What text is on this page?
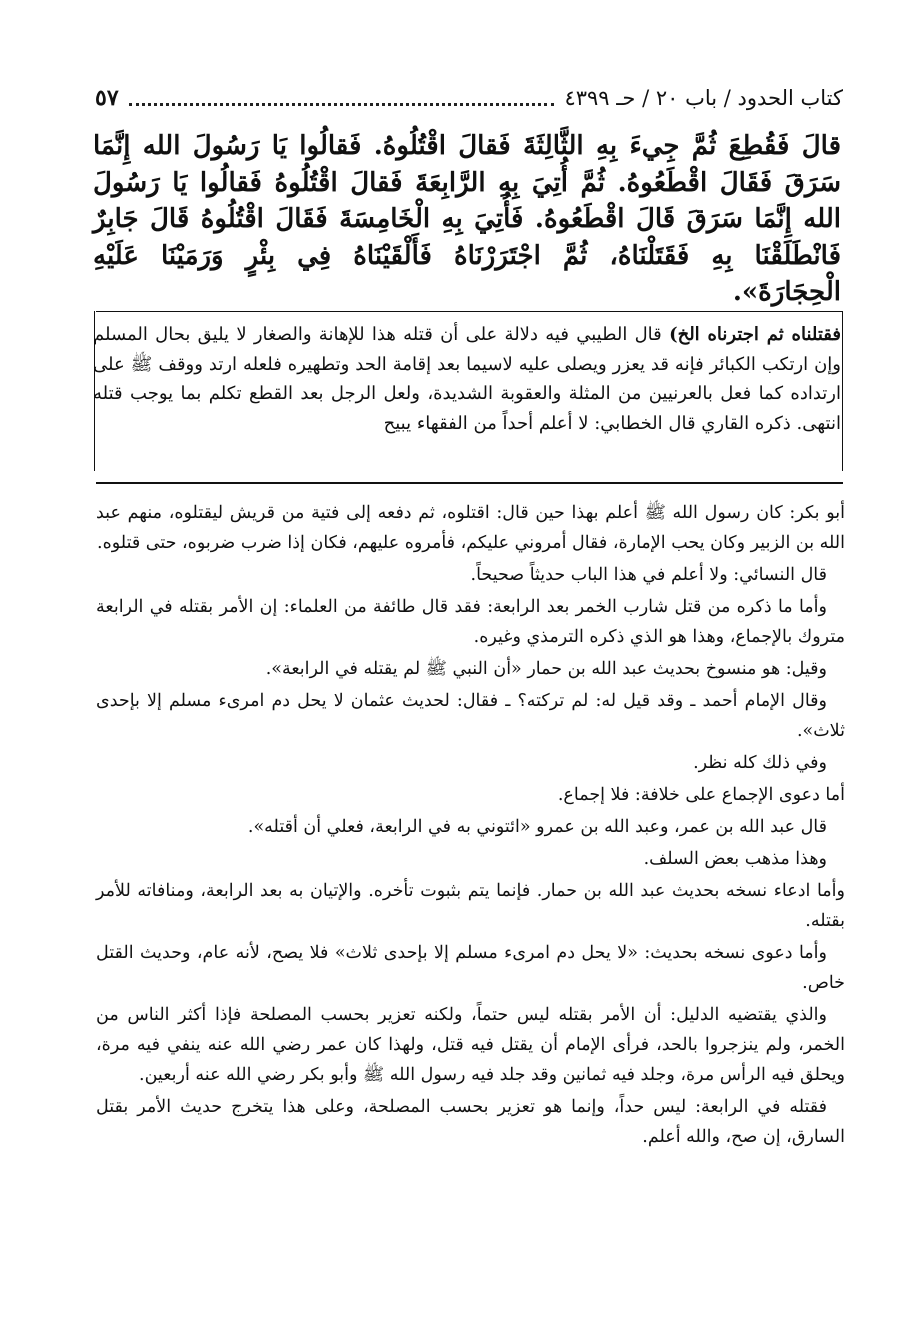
كتاب الحدود / باب ٢٠ / حـ ٤٣٩٩
٥٧
قالَ فَقُطِعَ ثُمَّ جِيءَ بِهِ الثَّالِثَةَ فَقالَ اقْتُلُوهُ. فَقالُوا يَا رَسُولَ الله إِنَّمَا سَرَقَ فَقَالَ اقْطَعُوهُ. ثُمَّ أُتِيَ بِهِ الرَّابِعَةَ فَقالَ اقْتُلُوهُ فَقالُوا يَا رَسُولَ الله إِنَّمَا سَرَقَ قَالَ اقْطَعُوهُ. فَأُتِيَ بِهِ الْخَامِسَةَ فَقَالَ اقْتُلُوهُ قَالَ جَابِرٌ فَانْطَلَقْنَا بِهِ فَقَتَلْنَاهُ، ثُمَّ اجْتَرَرْنَاهُ فَأَلْقَيْنَاهُ فِي بِئْرٍ وَرَمَيْنَا عَلَيْهِ الْحِجَارَةَ».
فقتلناه ثم اجترناه الخ) قال الطيبي فيه دلالة على أن قتله هذا للإهانة والصغار لا يليق بحال المسلم وإن ارتكب الكبائر فإنه قد يعزر ويصلى عليه لاسيما بعد إقامة الحد وتطهيره فلعله ارتد ووقف ﷺ على ارتداده كما فعل بالعرنيين من المثلة والعقوبة الشديدة، ولعل الرجل بعد القطع تكلم بما يوجب قتله انتهى. ذكره القاري قال الخطابي: لا أعلم أحداً من الفقهاء يبيح

أبو بكر: كان رسول الله ﷺ أعلم بهذا حين قال: اقتلوه، ثم دفعه إلى فتية من قريش ليقتلوه، منهم عبد الله بن الزبير وكان يحب الإمارة، فقال أمروني عليكم، فأمروه عليهم، فكان إذا ضرب ضربوه، حتى قتلوه.

قال النسائي: ولا أعلم في هذا الباب حديثاً صحيحاً.

وأما ما ذكره من قتل شارب الخمر بعد الرابعة: فقد قال طائفة من العلماء: إن الأمر بقتله في الرابعة متروك بالإجماع، وهذا هو الذي ذكره الترمذي وغيره.

وقيل: هو منسوخ بحديث عبد الله بن حمار «أن النبي ﷺ لم يقتله في الرابعة».

وقال الإمام أحمد ـ وقد قيل له: لم تركته؟ ـ فقال: لحديث عثمان لا يحل دم امرىء مسلم إلا بإحدى ثلاث».

وفي ذلك كله نظر.

أما دعوى الإجماع على خلافة: فلا إجماع.

قال عبد الله بن عمر، وعبد الله بن عمرو «ائتوني به في الرابعة، فعلي أن أقتله».

وهذا مذهب بعض السلف.

وأما ادعاء نسخه بحديث عبد الله بن حمار. فإنما يتم بثبوت تأخره. والإتيان به بعد الرابعة، ومنافاته للأمر بقتله.

وأما دعوى نسخه بحديث: «لا يحل دم امرىء مسلم إلا بإحدى ثلاث» فلا يصح، لأنه عام، وحديث القتل خاص.

والذي يقتضيه الدليل: أن الأمر بقتله ليس حتماً، ولكنه تعزير بحسب المصلحة فإذا أكثر الناس من الخمر، ولم ينزجروا بالحد، فرأى الإمام أن يقتل فيه قتل، ولهذا كان عمر رضي الله عنه ينفي فيه مرة، ويحلق فيه الرأس مرة، وجلد فيه ثمانين وقد جلد فيه رسول الله ﷺ وأبو بكر رضي الله عنه أربعين.

فقتله في الرابعة: ليس حداً، وإنما هو تعزير بحسب المصلحة، وعلى هذا يتخرج حديث الأمر بقتل السارق، إن صح، والله أعلم.
